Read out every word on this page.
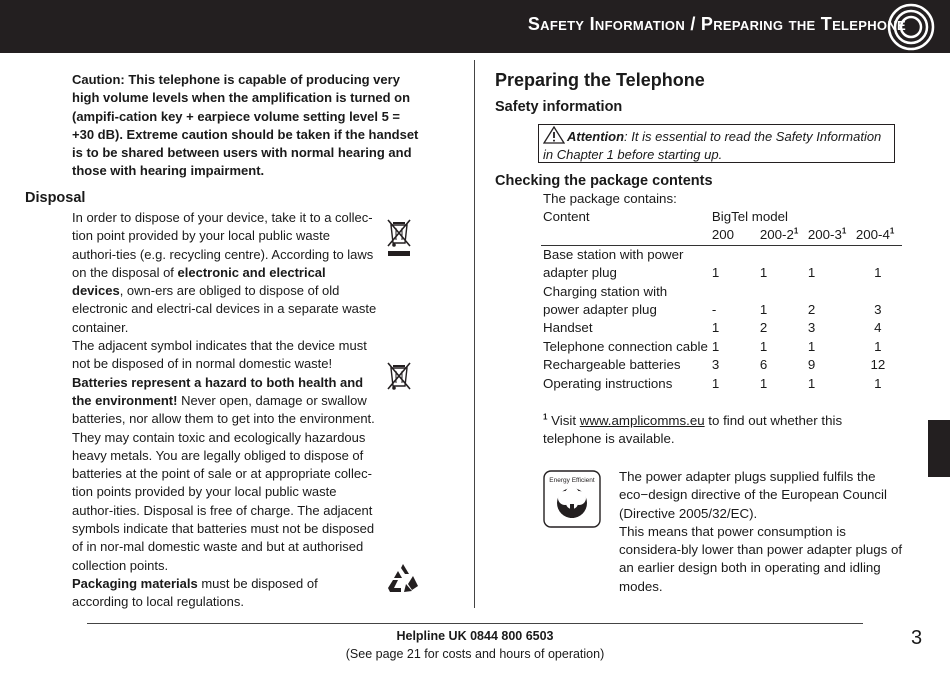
Safety Information / Preparing the Telephone
Caution: This telephone is capable of producing very high volume levels when the amplification is turned on (ampifi-cation key + earpiece volume setting level 5 = +30 dB). Extreme caution should be taken if the handset is to be shared between users with normal hearing and those with hearing impairment.
Disposal

In order to dispose of your device, take it to a collec-tion point provided by your local public waste authori-ties (e.g. recycling centre). According to laws on the disposal of electronic and electrical devices, own-ers are obliged to dispose of old electronic and electri-cal devices in a separate waste container.

The adjacent symbol indicates that the device must not be disposed of in normal domestic waste!

Batteries represent a hazard to both health and the environment! Never open, damage or swallow batteries, nor allow them to get into the environment. They may contain toxic and ecologically hazardous heavy metals. You are legally obliged to dispose of batteries at the point of sale or at appropriate collec-tion points provided by your local public waste author-ities. Disposal is free of charge. The adjacent symbols indicate that batteries must not be disposed of in nor-mal domestic waste and but at authorised collection points.

Packaging materials must be disposed of according to local regulations.

Preparing the Telephone
Safety information
Attention: It is essential to read the Safety Information in Chapter 1 before starting up.
Checking the package contents
The package contains:
Content	BigTel model			
	200	$200-2^1$	$200-3^1$	$200-4^1$
Base station with power				
adapter plug	1	1	1	1
Charging station with				
power adapter plug	-	1	2	3
Handset	1	2	3	4
Telephone connection cable	1	1	1	1
Rechargeable batteries	3	6	9	12
Operating instructions	1	1	1	1
$^1$ Visit www.amplicomms.eu to find out whether this telephone is available.
Energy Efficient The power adapter plugs supplied fulfils the eco−design directive of the European Council (Directive 2005/32/EC).
This means that power consumption is considera-bly lower than power adapter plugs of an earlier design both in operating and idling modes.
Helpline UK 0844 800 6503
(See page 21 for costs and hours of operation)
3
